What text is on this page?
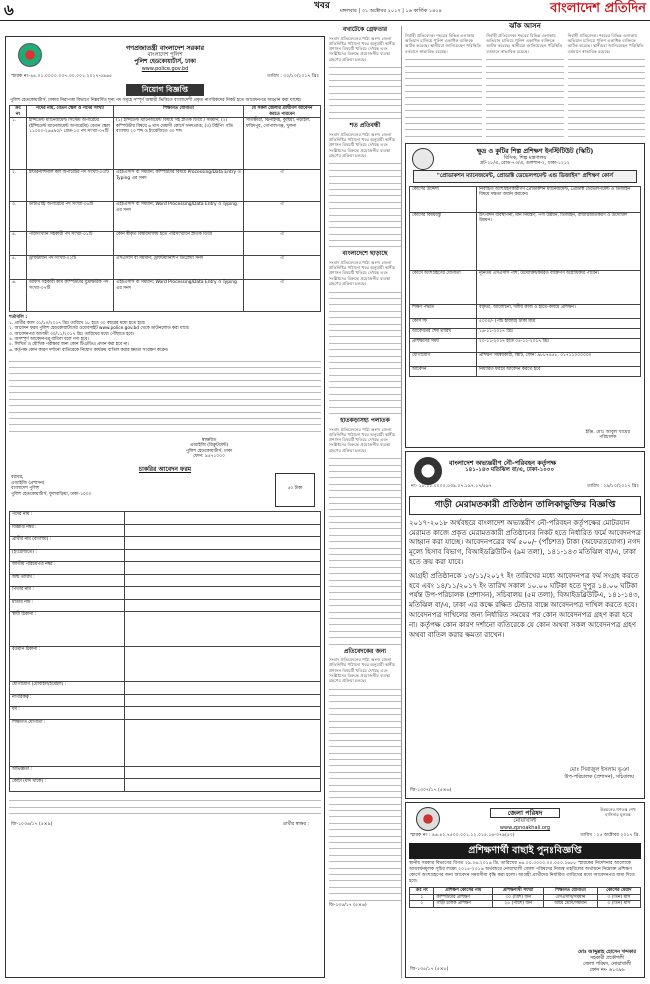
৬	খবর মঙ্গলবার | ৩১ অক্টোবর ২০১৭ | ১৬ কার্তিক ১৪২৪	বাংলাদেশ প্রতিদিন
গণপ্রজাতন্ত্রী বাংলাদেশ সরকার
বাংলাদেশ পুলিশ
পুলিশ হেডকোয়ার্টার্স, ঢাকা
www.police.gov.bd
স্মারক নং-৪৪.০১.০০০০.০০৭.৩০.০০১.২০১৭-৫৯৬৫	তারিখ : ৩০/১০/২০১৭ খ্রিঃ
নিয়োগ বিজ্ঞপ্তি
পুলিশ হেডকোয়ার্টার্স, ঢাকার নিরাপত্তা বিভাগে নিম্নবর্ণিত শূন্য পদ সমূহে সম্পূর্ণ অস্থায়ী ভিত্তিতে বাংলাদেশী প্রকৃত নাগরিকদের নিকট হতে আবেদনপত্র আহ্বান করা যাচ্ছে।
ক্রঃ নং	পদের নাম, বেতন স্কেল ও পদের সংখ্যা	শিক্ষাগত যোগ্যতা	যে সকল জেলার প্রার্থীগণ আবেদন করতে পারবেন
১.	ইন্সিডেন্ট ম্যানেজমেন্ট সিস্টেম অপারেটর (ইন্সিডেন্ট ম্যানেজমেন্ট অপারেটর) বেতন স্কেল ১১০০০-২৬৫৯০/- গ্রেড-১৩ পদ সংখ্যা-০৭টি	(১) ইন্সিডেন্ট ম্যানেজমেন্ট বিষয়ে সহ স্নাতক ডিগ্রি / সমমান; (২) কম্পিউটার বিষয়ে ৬ মাস মেয়াদী কোর্সে সনদপ্রাপ্ত; (৩) টাইপিং গতি বাংলায় ২০ শব্দ ও ইংরেজিতে ৩০ শব্দ	সাতক্ষীরা, ঝিনাইদহ, কুষ্টিয়া, নড়াইল, ফরিদপুর, গোপালগঞ্জ, খুলনা
২.	ইন্টারন্যাশনাল কল অপারেটর পদ সংখ্যা-০৩টি	এইচএসসি বা সমমান; কম্পিউটার বিষয়ে Processing/Data Entry ও Typing এর সনদ	ঐ
৩.	ডাটাএন্ট্রি অপারেটর পদ সংখ্যা-০৬টি	এইচএসসি বা সমমান; Word Processing/Data Entry ও Typing এর সনদ	ঐ
৪.	পরিসংখ্যান সহকারী পদ সংখ্যা-০১টি	কোন স্বীকৃত বিশ্ববিদ্যালয় হতে পরিসংখ্যানে স্নাতক ডিগ্রি	ঐ
৫.	ড্রাফটম্যান পদ সংখ্যা-০২টি	এসএসসি বা সমমান; ড্রাফটম্যানশিপ ডিপ্লোমা সনদ	ঐ
৬.	অফিস সহকারী কাম কম্পিউটার মুদ্রাক্ষরিক পদ সংখ্যা-০৭টি	এইচএসসি বা সমমান; Word Processing/Data Entry ও Typing এর সনদ	ঐ
শর্তাবলি :
১. প্রার্থীর বয়স ৩১/১০/২০১৭ খ্রিঃ তারিখে ১৮ হতে ৩০ বছরের মধ্যে হতে হবে।
২. আবেদন ফরম পুলিশ হেডকোয়ার্টার্সের ওয়েবসাইট www.police.gov.bd থেকে ডাউনলোড করা যাবে।
৩. আবেদনপত্র আগামী ৩০/১১/২০১৭ খ্রিঃ তারিখের মধ্যে পৌঁছাতে হবে।
৪. অসম্পূর্ণ আবেদনপত্র বাতিল বলে গণ্য হবে।
৫. লিখিত ও মৌখিক পরীক্ষার জন্য কোন টিএ/ডিএ প্রদান করা হবে না।
৬. কর্তৃপক্ষ কোন কারণ দর্শানো ব্যতিরেকে নিয়োগ কার্যক্রম বাতিল করার ক্ষমতা সংরক্ষণ করেন।
স্বাক্ষরিত
এআইজি (রিক্রুটমেন্ট)
পুলিশ হেডকোয়ার্টার্স, ঢাকা
ফোন: ৯৫৭১০০০
চাকরির আবেদন ফরম
বরাবর,
এআইজি (প্রশাসন)
বাংলাদেশ পুলিশ
পুলিশ হেডকোয়ার্টার্স, ফুলবাড়িয়া, ঢাকা-১০০০
৫০ টাকা
পদের নাম :	
বিজ্ঞপ্তি নম্বর :	
প্রার্থীর নাম (বাংলায়) :	
(ইংরেজিতে) :	
জাতীয় পরিচয়পত্র নম্বর :	
জন্ম তারিখ :	
পিতার নাম :	
মাতার নাম :	
স্থায়ী ঠিকানা :	
বর্তমান ঠিকানা :	
যোগাযোগ (মোবাইল/ইমেইল) :	
নাগরিকত্ব :	
ধর্ম :	
শিক্ষাগত যোগ্যতা :	
অভিজ্ঞতা :	
কোটা (যদি থাকে) :	
জি-১০৩৬/১৭ (৫×৯)	প্রার্থীর স্বাক্ষর :
বখাটেকে গ্রেফতার
সংবাদ প্রতিবেদনের পাঠ্য অংশ। জেলা প্রতিনিধির পাঠানো খবর অনুযায়ী স্থানীয় প্রশাসন বিষয়টি খতিয়ে দেখছে এবং সংশ্লিষ্টদের বিরুদ্ধে প্রয়োজনীয় ব্যবস্থা গ্রহণের প্রক্রিয়া চলছে।
শত প্রতিবন্ধী
সংবাদ প্রতিবেদনের পাঠ্য অংশ। জেলা প্রতিনিধির পাঠানো খবর অনুযায়ী স্থানীয় প্রশাসন বিষয়টি খতিয়ে দেখছে এবং সংশ্লিষ্টদের বিরুদ্ধে প্রয়োজনীয় ব্যবস্থা গ্রহণের প্রক্রিয়া চলছে।
বাংলাদেশে ছাড়াছে
সংবাদ প্রতিবেদনের পাঠ্য অংশ। জেলা প্রতিনিধির পাঠানো খবর অনুযায়ী স্থানীয় প্রশাসন বিষয়টি খতিয়ে দেখছে এবং সংশ্লিষ্টদের বিরুদ্ধে প্রয়োজনীয় ব্যবস্থা গ্রহণের প্রক্রিয়া চলছে।
হাতকড়াসহ্য পলাতক
সংবাদ প্রতিবেদনের পাঠ্য অংশ। জেলা প্রতিনিধির পাঠানো খবর অনুযায়ী স্থানীয় প্রশাসন বিষয়টি খতিয়ে দেখছে এবং সংশ্লিষ্টদের বিরুদ্ধে প্রয়োজনীয় ব্যবস্থা গ্রহণের প্রক্রিয়া চলছে।
প্রতিবেদকের জন্য
সংবাদ প্রতিবেদনের পাঠ্য অংশ। জেলা প্রতিনিধির পাঠানো খবর অনুযায়ী স্থানীয় প্রশাসন বিষয়টি খতিয়ে দেখছে এবং সংশ্লিষ্টদের বিরুদ্ধে প্রয়োজনীয় ব্যবস্থা গ্রহণের প্রক্রিয়া চলছে।
ডি-১৩৫/১৭ (৫×৬)
ঝাঁক আসন
নির্বাহী প্রতিবেদক। শহরের বিভিন্ন এলাকায় অভিযান চালিয়ে পুলিশ একাধিক ব্যক্তিকে আটক করেছে। স্থানীয়রা জানিয়েছেন পরিস্থিতি বর্তমানে স্বাভাবিক রয়েছে।
নির্বাহী প্রতিবেদক। শহরের বিভিন্ন এলাকায় অভিযান চালিয়ে পুলিশ একাধিক ব্যক্তিকে আটক করেছে। স্থানীয়রা জানিয়েছেন পরিস্থিতি বর্তমানে স্বাভাবিক রয়েছে।
নির্বাহী প্রতিবেদক। শহরের বিভিন্ন এলাকায় অভিযান চালিয়ে পুলিশ একাধিক ব্যক্তিকে আটক করেছে। স্থানীয়রা জানিয়েছেন পরিস্থিতি বর্তমানে স্বাভাবিক রয়েছে।
ক্ষুদ্র ও কুটির শিল্প প্রশিক্ষণ ইনস্টিটিউট (স্কিটি)
বিসিক, শিল্প মন্ত্রণালয়
প্লট-২৮/এ, রোড-৭৩/এ, গুলশান-২, ঢাকা-১২১২
"প্রোডাকশন ম্যানেজমেন্ট, প্রোডাক্ট ডেভেলপমেন্ট এন্ড ডিজাইন" প্রশিক্ষণ কোর্স
কোর্সের উদ্দেশ্য	নির্বাচিত অংশগ্রহণকারীগণ প্রোডাকশন ম্যানেজমেন্ট, প্রোডাক্ট ডেভেলপমেন্ট ও ডিজাইন বিষয়ে দক্ষতা অর্জন করবেন।
কোর্সের বিষয়বস্তু	উৎপাদন ব্যবস্থাপনা, মান নিয়ন্ত্রণ, পণ্য উন্নয়ন, ডিজাইন, বাজারজাতকরণ ও উদ্যোক্তা উন্নয়ন।
কোর্সে অংশগ্রহণের যোগ্যতা	ন্যূনতম এসএসসি পাশ; উদ্যোক্তা/কর্মরত ব্যক্তিগণ অগ্রাধিকার পাবেন।
শিক্ষণ পদ্ধতি	বক্তৃতা, আলোচনা, দলীয় কাজ ও হাতে-কলমে প্রশিক্ষণ।
কোর্স ফি	৫০০০/- (পাঁচ হাজার) টাকা মাত্র
আবেদনের শেষ তারিখ	১৬-১১-২০১৭ খ্রিঃ
প্রশিক্ষণের সময়	২০-১১-২০১৭ হতে ০৪-১২-২০১৭ খ্রিঃ
যোগাযোগ	প্রশিক্ষণ সমন্বয়কারী, স্কিটি, ফোন: ৯৮৮৭৪৫৮, ০১৭১১০০০০০০
আবেদন	নির্ধারিত ফরমে আবেদন করতে হবে
ইঞ্জি. মোঃ আবুল খায়ের
পরিচালক
বাংলাদেশ অভ্যন্তরীণ নৌ-পরিবহন কর্তৃপক্ষ
১৪১-১৪৩ মতিঝিল বা/এ, ঢাকা-১০০০
নং- ১৮.১১.০০০০.০৩৯.০৭.১৯৭.১৭/৫৯৭	তারিখ : ২৯/১০/২০১৭ খ্রিঃ
গাড়ী মেরামতকারী প্রতিষ্ঠান তালিকাভুক্তির বিজ্ঞপ্তি
২০১৭-২০১৮ অর্থবছরে বাংলাদেশ অভ্যন্তরীণ নৌ-পরিবহন কর্তৃপক্ষের মোটরযান মেরামত কাজে প্রকৃত মেরামতকারী প্রতিষ্ঠানের নিকট হতে নির্ধারিত ফর্মে আবেদনপত্র আহ্বান করা যাচ্ছে। আবেদনপত্রের ফর্ম ৫০০/- (পাঁচশত) টাকা (অফেরতযোগ্য) নগদ মূল্যে হিসাব বিভাগ, বিআইডব্লিউটিএ (৯ম তলা), ১৪১-১৪৩ মতিঝিল বা/এ, ঢাকা হতে ক্রয় করা যাবে।
আগ্রহী প্রতিষ্ঠানকে ১৩/১১/২০১৭ ইং তারিখের মধ্যে আবেদনপত্র ফর্ম সংগ্রহ করতে হবে এবং ১৪/১১/২০১৭ ইং তারিখ সকাল ১০.০০ ঘটিকা হতে দুপুর ১৪.০০ ঘটিকা পর্যন্ত উপ-পরিচালক (প্রশাসন), সচিবালয় (৫ম তলা), বিআইডব্লিউটিএ, ১৪১-১৪৩, মতিঝিল বা/এ, ঢাকা এর কক্ষে রক্ষিত টেন্ডার বাক্সে আবেদনপত্র দাখিল করতে হবে। আবেদনপত্র দাখিলের জন্য নির্ধারিত সময়ের পর কোন আবেদনপত্র গ্রহণ করা হবে না। কর্তৃপক্ষ কোন কারণ দর্শানো ব্যতিরেকে যে কোন অথবা সকল আবেদনপত্র গ্রহণ অথবা বাতিল করার ক্ষমতা রাখেন।
মোঃ সিরাজুল ইসলাম ভূঞা
উপ-পরিচালক (প্রশাসন), সচিবালয়
জি-১৩০৭/১৭ (৫×৬)
জেলা পরিষদ
নোয়াখালী
www.zpnoakhali.org
উন্নয়নের গণতন্ত্র শেখ হাসিনার মূলমন্ত্র
স্মারক নং : ৪৬.৪২.৭৫০০.০০১.১২.০১৫.১৬-৩৭৯(৫০)	তারিখ : ২৫ অক্টোবর ২০১৭ খ্রি.
প্রশিক্ষণার্থী বাছাই পুনঃবিজ্ঞপ্তি
স্থানীয় সরকার বিভাগের বিগত ২৯.০৬.২০১৬ খ্রি. তারিখের ৪৬.০০.০০০০.০০.০৫০.১৬৮৮ স্মারকের নির্দেশনার আলোকে আয়বর্ধনমূলক সূচির লক্ষ্যে ২০১৫-২০১৬ অর্থবছরে নোয়াখালী জেলা পরিষদের নিজস্ব তহবিলের অর্থায়নে নিম্নোক্ত প্রশিক্ষণ কোর্সে অংশগ্রহণের জন্য আবেদন সময়সীমা বৃদ্ধি করা হলো। আগ্রহী প্রার্থীদের নির্ধারিত তারিখের মধ্যে আবেদনপত্র জমা দিতে হবে।
ক্রঃ নং	প্রশিক্ষণ কোর্সের নাম	প্রশিক্ষণার্থী সংখ্যা	শিক্ষাগত যোগ্যতা	কোর্সের মেয়াদ
১	কম্পিউটার প্রশিক্ষণ	৩০ (ত্রিশ) জন	এসএসসি/সমমান	৩ (তিন) মাস
২	গাড়ী চালক প্রশিক্ষণ	২৫ (পঁচিশ) জন	অষ্টম শ্রেণি/সমমান	৩ (তিন) মাস
জি-১৩৫/১৭ (৫×৮)
মোঃ আব্দুল্লাহ হোসেন খন্দকার
সহকারী প্রকৌশলী
জেলা পরিষদ, নোয়াখালী
ফোন নং- ৬১৩৯৬
